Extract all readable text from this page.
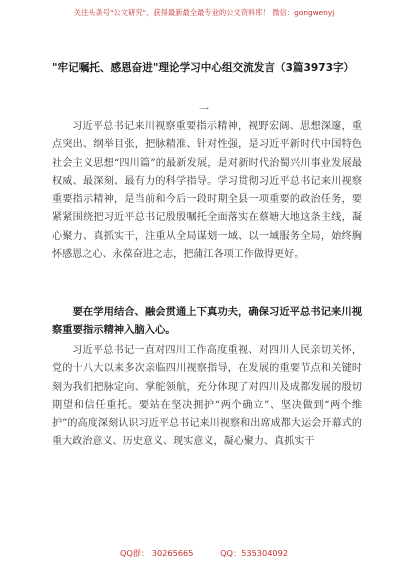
关注头条号"公文研究"，获得最新最全最专业的公文资料库！ 微信：gongwenyj
"牢记嘱托、感恩奋进"理论学习中心组交流发言（3篇3973字）
一

习近平总书记来川视察重要指示精神，视野宏阔、思想深邃，重点突出、纲举目张，把脉精准、针对性强，是习近平新时代中国特色社会主义思想“四川篇”的最新发展，是对新时代治蜀兴川事业发展最权威、最深刻、最有力的科学指导。学习贯彻习近平总书记来川视察重要指示精神，是当前和今后一段时期全县一项重要的政治任务，要紧紧围绕把习近平总书记殷殷嘱托全面落实在蔡塘大地这条主线，凝心聚力、真抓实干，注重从全局谋划一域、以一域服务全局，始终胸怀感恩之心、永葆奋进之志，把蒲江各项工作做得更好。

要在学用结合、融会贯通上下真功夫，确保习近平总书记来川视察重要指示精神入脑入心。

习近平总书记一直对四川工作高度重视、对四川人民亲切关怀，党的十八大以来多次亲临四川视察指导，在发展的重要节点和关键时刻为我们把脉定向、掌舵领航，充分体现了对四川及成都发展的殷切期望和信任重托。要站在坚决拥护“两个确立”、坚决做到“两个维护”的高度深刻认识习近平总书记来川视察和出席成都大运会开幕式的重大政治意义、历史意义、现实意义，凝心聚力、真抓实干

QQ群： 30265665	QQ：535304092
